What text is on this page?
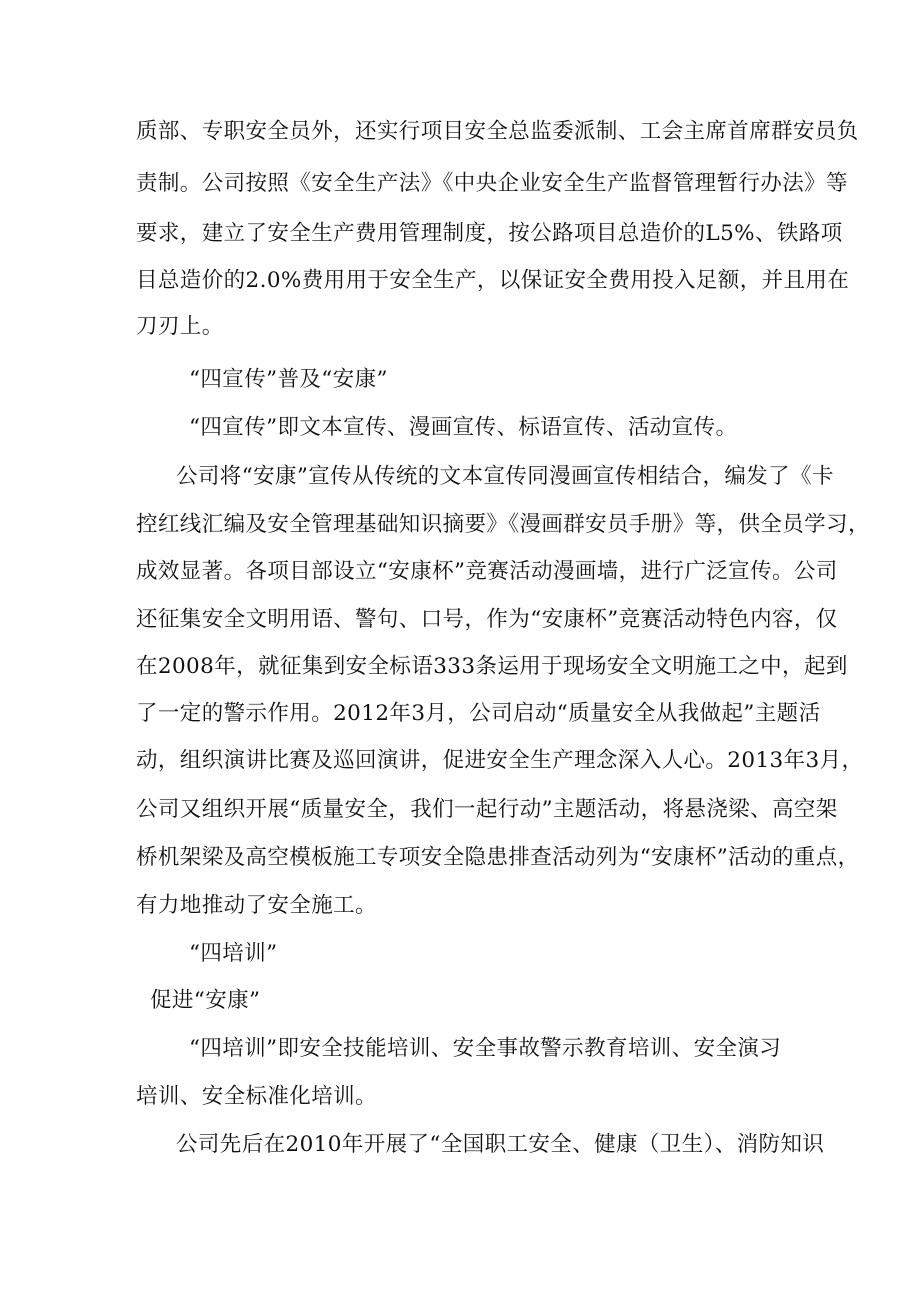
质部、专职安全员外，还实行项目安全总监委派制、工会主席首席群安员负
责制。公司按照《安全生产法》《中央企业安全生产监督管理暂行办法》等
要求，建立了安全生产费用管理制度，按公路项目总造价的L5%、铁路项
目总造价的2.0%费用用于安全生产，以保证安全费用投入足额，并且用在
刀刃上。
“四宣传”普及“安康”
“四宣传”即文本宣传、漫画宣传、标语宣传、活动宣传。
公司将“安康”宣传从传统的文本宣传同漫画宣传相结合，编发了《卡
控红线汇编及安全管理基础知识摘要》《漫画群安员手册》等，供全员学习，
成效显著。各项目部设立“安康杯”竞赛活动漫画墙，进行广泛宣传。公司
还征集安全文明用语、警句、口号，作为“安康杯”竞赛活动特色内容，仅
在2008年，就征集到安全标语333条运用于现场安全文明施工之中，起到
了一定的警示作用。2012年3月，公司启动“质量安全从我做起”主题活
动，组织演讲比赛及巡回演讲，促进安全生产理念深入人心。2013年3月，
公司又组织开展“质量安全，我们一起行动”主题活动，将悬浇梁、高空架
桥机架梁及高空模板施工专项安全隐患排查活动列为“安康杯”活动的重点，
有力地推动了安全施工。
“四培训”
促进“安康”
“四培训”即安全技能培训、安全事故警示教育培训、安全演习
培训、安全标准化培训。
公司先后在2010年开展了“全国职工安全、健康（卫生）、消防知识
